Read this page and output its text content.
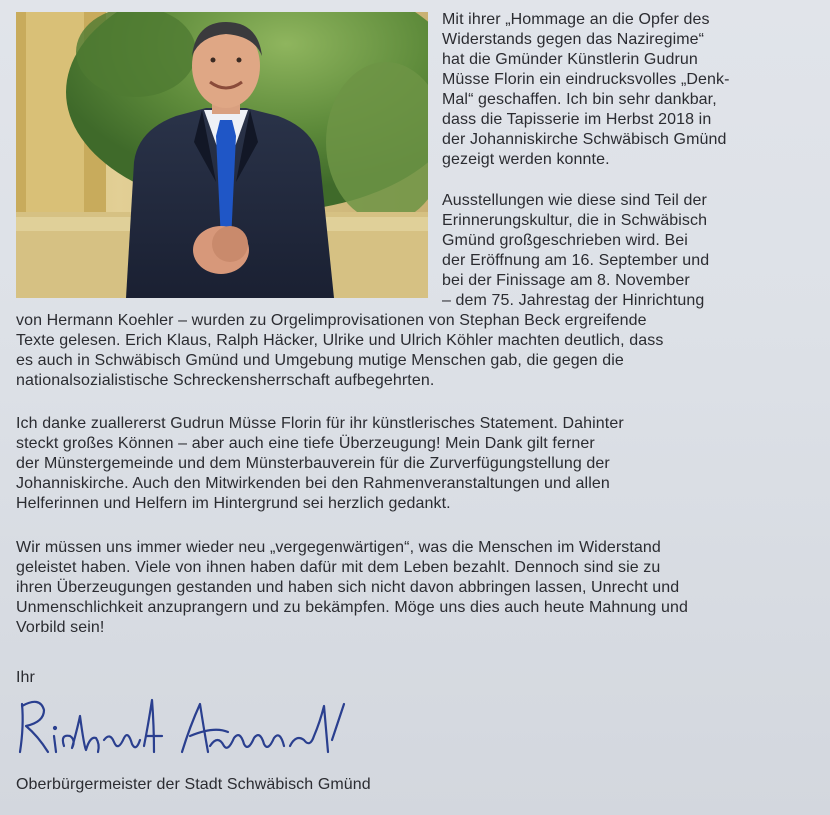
Mit ihrer „Hommage an die Opfer des
Widerstands gegen das Naziregime“
hat die Gmünder Künstlerin Gudrun
Müsse Florin ein eindrucksvolles „Denk-
Mal“ geschaffen. Ich bin sehr dankbar,
dass die Tapisserie im Herbst 2018 in
der Johanniskirche Schwäbisch Gmünd
gezeigt werden konnte.
Ausstellungen wie diese sind Teil der
Erinnerungskultur, die in Schwäbisch
Gmünd großgeschrieben wird. Bei
der Eröffnung am 16. September und
bei der Finissage am 8. November
– dem 75. Jahrestag der Hinrichtung
von Hermann Koehler – wurden zu Orgelimprovisationen von Stephan Beck ergreifende
Texte gelesen. Erich Klaus, Ralph Häcker, Ulrike und Ulrich Köhler machten deutlich, dass
es auch in Schwäbisch Gmünd und Umgebung mutige Menschen gab, die gegen die
nationalsozialistische Schreckensherrschaft aufbegehrten.
Ich danke zuallererst Gudrun Müsse Florin für ihr künstlerisches Statement. Dahinter
steckt großes Können – aber auch eine tiefe Überzeugung! Mein Dank gilt ferner
der Münstergemeinde und dem Münsterbauverein für die Zurverfügungstellung der
Johanniskirche. Auch den Mitwirkenden bei den Rahmenveranstaltungen und allen
Helferinnen und Helfern im Hintergrund sei herzlich gedankt.
Wir müssen uns immer wieder neu „vergegenwärtigen“, was die Menschen im Widerstand
geleistet haben. Viele von ihnen haben dafür mit dem Leben bezahlt. Dennoch sind sie zu
ihren Überzeugungen gestanden und haben sich nicht davon abbringen lassen, Unrecht und
Unmenschlichkeit anzuprangern und zu bekämpfen. Möge uns dies auch heute Mahnung und
Vorbild sein!
Ihr
Oberbürgermeister der Stadt Schwäbisch Gmünd
